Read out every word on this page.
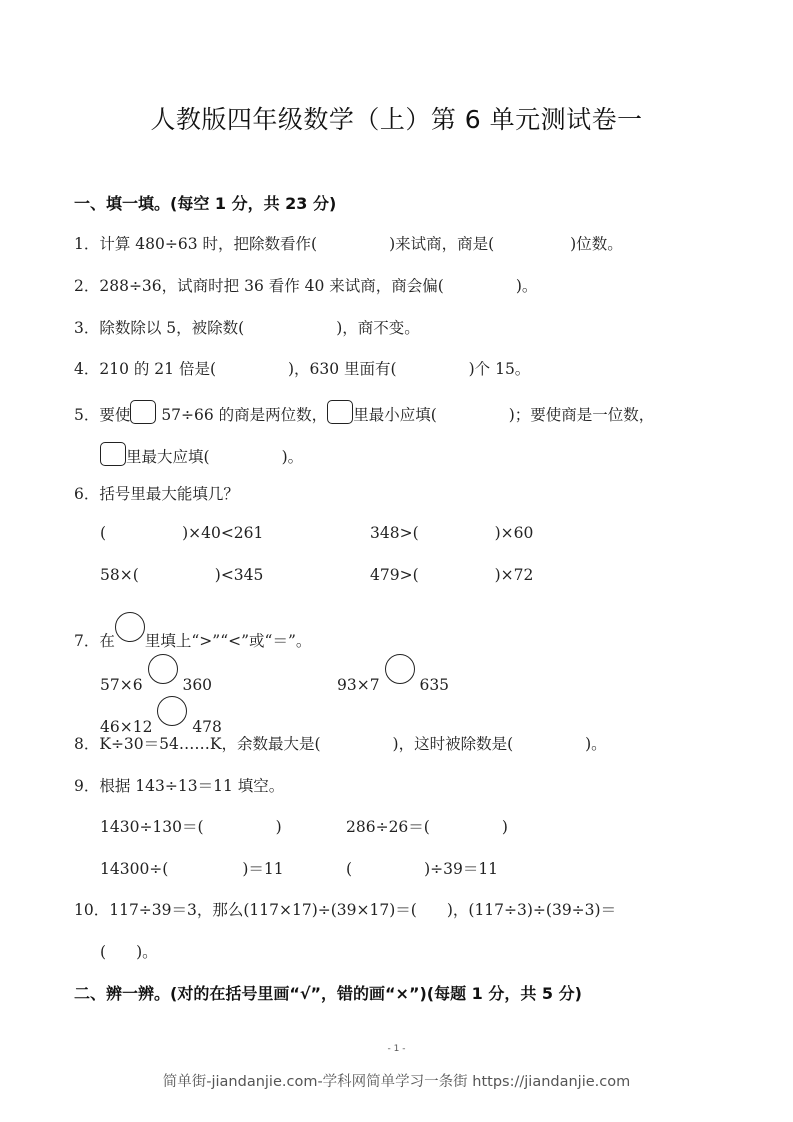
人教版四年级数学（上）第 6 单元测试卷一
一、填一填。(每空 1 分，共 23 分)
1．计算 480÷63 时，把除数看作(	)来试商，商是(	)位数。
2．288÷36，试商时把 36 看作 40 来试商，商会偏(	)。
3．除数除以 5，被除数(	)，商不变。
4．210 的 21 倍是(	)，630 里面有(	)个 15。
5．要使 57÷66 的商是两位数， 里最小应填(	)；要使商是一位数，
里最大应填(	)。
6．括号里最大能填几？
(	)×40<261	348>(	)×60
58×(	)<345	479>(	)×72
7．在 里填上“>”“<”或“＝”。
57×6	360	93×7	635
46×12	478
8．K÷30＝54……K，余数最大是(	)，这时被除数是(	)。
9．根据 143÷13＝11 填空。
1430÷130＝(	)	286÷26＝(	)
14300÷(	)＝11	(	)÷39＝11
10．117÷39＝3，那么(117×17)÷(39×17)＝( )，(117÷3)÷(39÷3)＝
( )。
二、辨一辨。(对的在括号里画“√”，错的画“×”)(每题 1 分，共 5 分)
- 1 -
简单街-jiandanjie.com-学科网简单学习一条街 https://jiandanjie.com
